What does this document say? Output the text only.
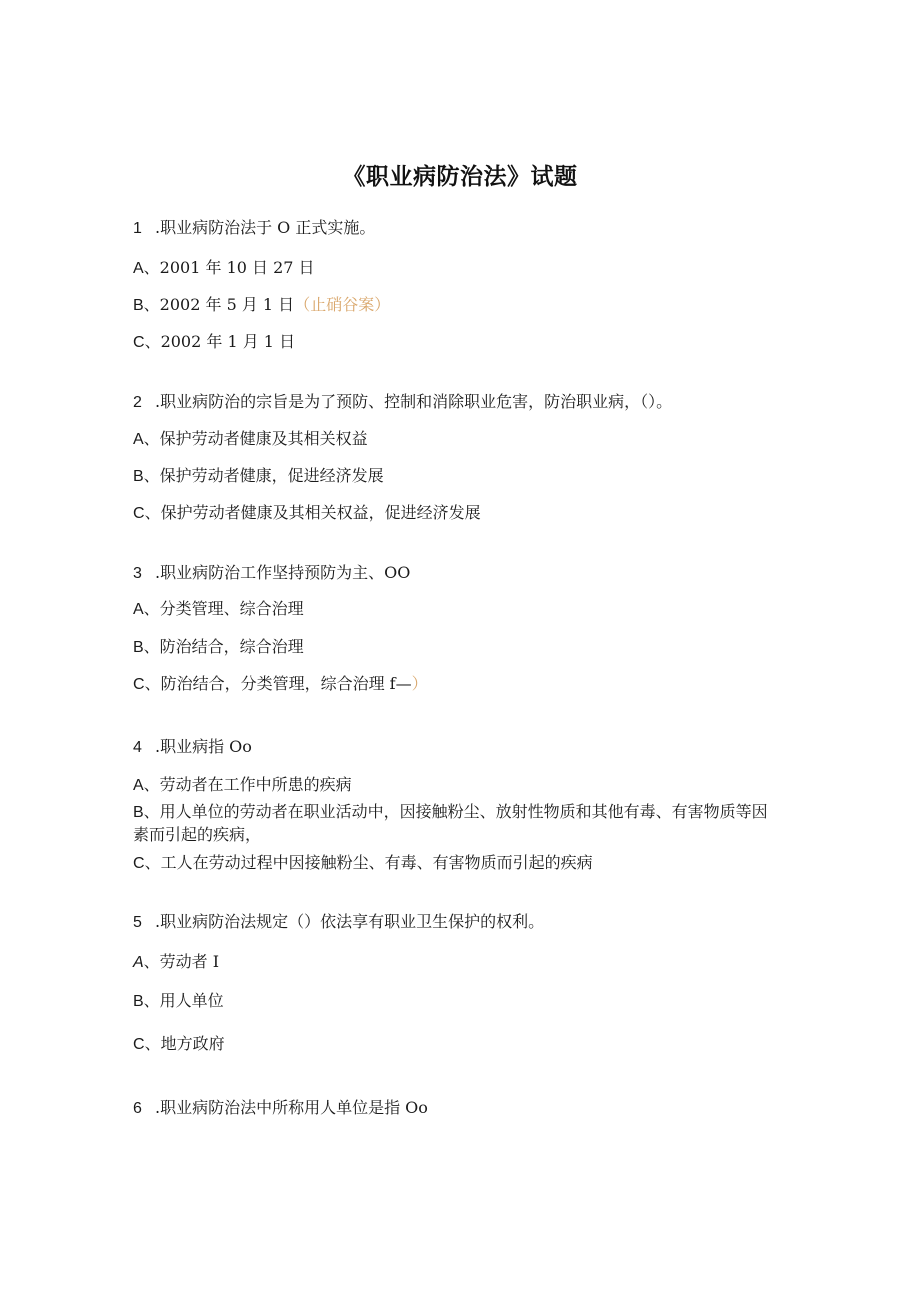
《职业病防治法》试题
1 .职业病防治法于 O 正式实施。
A、2001 年 10 日 27 日
B、2002 年 5 月 1 日（止硝谷案）
C、2002 年 1 月 1 日
2 .职业病防治的宗旨是为了预防、控制和消除职业危害，防治职业病，（）。
A、保护劳动者健康及其相关权益
B、保护劳动者健康，促进经济发展
C、保护劳动者健康及其相关权益，促进经济发展
3 .职业病防治工作坚持预防为主、OO
A、分类管理、综合治理
B、防治结合，综合治理
C、防治结合，分类管理，综合治理 f—）
4 .职业病指 Oo
A、劳动者在工作中所患的疾病
B、用人单位的劳动者在职业活动中，因接触粉尘、放射性物质和其他有毒、有害物质等因素而引起的疾病，
C、工人在劳动过程中因接触粉尘、有毒、有害物质而引起的疾病
5 .职业病防治法规定（）依法享有职业卫生保护的权利。
A、劳动者 I
B、用人单位
C、地方政府
6 .职业病防治法中所称用人单位是指 Oo
